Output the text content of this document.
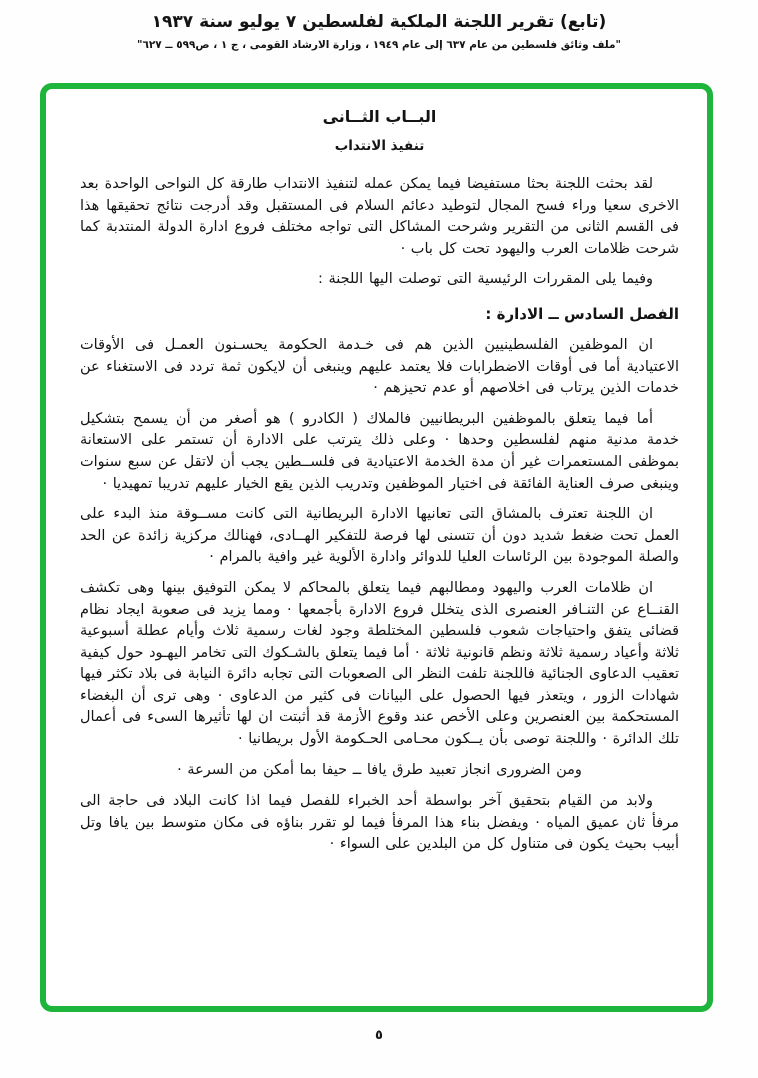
(تابع) تقرير اللجنة الملكية لفلسطين ٧ يوليو سنة ١٩٣٧
"ملف وثائق فلسطين من عام ٦٣٧ إلى عام ١٩٤٩ ، وزارة الارشاد القومى ، ج ١ ، ص٥٩٩ ــ ٦٢٧"
البــاب الثــانى
تنفيذ الانتداب

لقد بحثت اللجنة بحثا مستفيضا فيما يمكن عمله لتنفيذ الانتداب طارقة كل النواحى الواحدة بعد الاخرى سعيا وراء فسح المجال لتوطيد دعائم السلام فى المستقبل وقد أدرجت نتائج تحقيقها هذا فى القسم الثانى من التقرير وشرحت المشاكل التى تواجه مختلف فروع ادارة الدولة المنتدبة كما شرحت ظلامات العرب واليهود تحت كل باب ·

وفيما يلى المقررات الرئيسية التى توصلت اليها اللجنة :

الفصل السادس ــ الادارة :

ان الموظفين الفلسطينيين الذين هم فى خـدمة الحكومة يحسـنون العمـل فى الأوقات الاعتيادية أما فى أوقات الاضطرابات فلا يعتمد عليهم وينبغى أن لايكون ثمة تردد فى الاستغناء عن خدمات الذين يرتاب فى اخلاصهم أو عدم تحيزهم ·

أما فيما يتعلق بالموظفين البريطانيين فالملاك ( الكادرو ) هو أصغر من أن يسمح بتشكيل خدمة مدنية منهم لفلسطين وحدها · وعلى ذلك يترتب على الادارة أن تستمر على الاستعانة بموظفى المستعمرات غير أن مدة الخدمة الاعتيادية فى فلســطين يجب أن لاتقل عن سبع سنوات وينبغى صرف العناية الفائقة فى اختيار الموظفين وتدريب الذين يقع الخيار عليهم تدريبا تمهيديا ·

ان اللجنة تعترف بالمشاق التى تعانيها الادارة البريطانية التى كانت مســوقة منذ البدء على العمل تحت ضغط شديد دون أن تتسنى لها فرصة للتفكير الهــادى، فهنالك مركزية زائدة عن الحد والصلة الموجودة بين الرئاسات العليا للدوائر وادارة الألوية غير وافية بالمرام ·

ان ظلامات العرب واليهود ومطالبهم فيما يتعلق بالمحاكم لا يمكن التوفيق بينها وهى تكشف القنــاع عن التنـافر العنصرى الذى يتخلل فروع الادارة بأجمعها · ومما يزيد فى صعوبة ايجاد نظام قضائى يتفق واحتياجات شعوب فلسطين المختلطة وجود لغات رسمية ثلاث وأيام عطلة أسبوعية ثلاثة وأعياد رسمية ثلاثة ونظم قانونية ثلاثة · أما فيما يتعلق بالشـكوك التى تخامر اليهـود حول كيفية تعقيب الدعاوى الجنائية فاللجنة تلفت النظر الى الصعوبات التى تجابه دائرة النيابة فى بلاد تكثر فيها شهادات الزور ، ويتعذر فيها الحصول على البيانات فى كثير من الدعاوى · وهى ترى أن البغضاء المستحكمة بين العنصرين وعلى الأخص عند وقوع الأزمة قد أثبتت ان لها تأثيرها السىء فى أعمال تلك الدائرة · واللجنة توصى بأن يــكون محـامى الحـكومة الأول بريطانيا ·

ومن الضرورى انجاز تعبيد طرق يافا ــ حيفا بما أمكن من السرعة ·

ولابد من القيام بتحقيق آخر بواسطة أحد الخبراء للفصل فيما اذا كانت البلاد فى حاجة الى مرفأ ثان عميق المياه · ويفضل بناء هذا المرفأ فيما لو تقرر بناؤه فى مكان متوسط بين يافا وتل أبيب بحيث يكون فى متناول كل من البلدين على السواء ·

٥
